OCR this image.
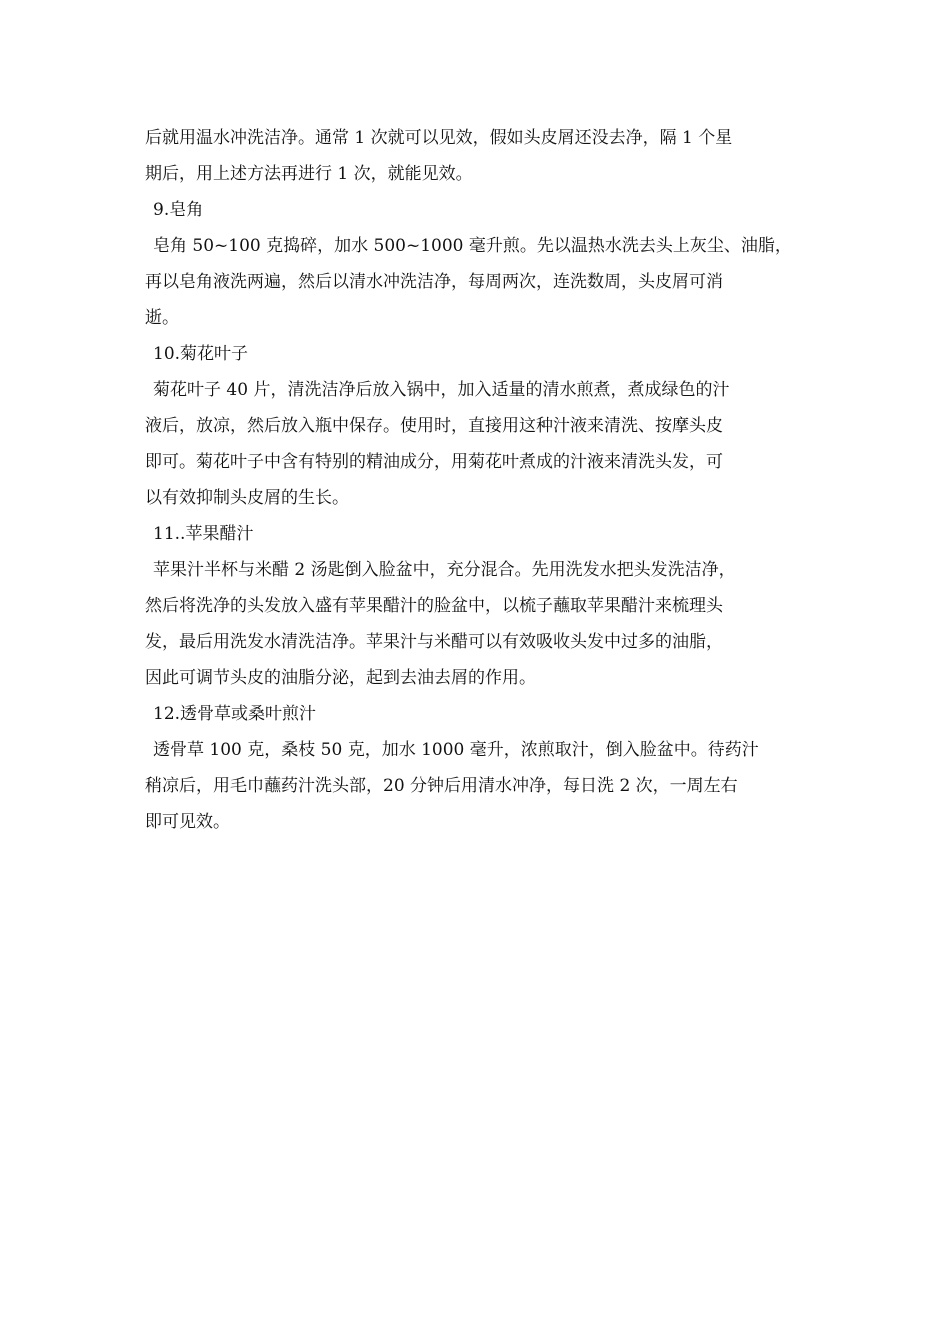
后就用温水冲洗洁净。通常 1 次就可以见效，假如头皮屑还没去净，隔 1 个星
期后，用上述方法再进行 1 次，就能见效。
9.皂角
皂角 50~100 克捣碎，加水 500~1000 毫升煎。先以温热水洗去头上灰尘、油脂，
再以皂角液洗两遍，然后以清水冲洗洁净，每周两次，连洗数周，头皮屑可消
逝。
10.菊花叶子
菊花叶子 40 片，清洗洁净后放入锅中，加入适量的清水煎煮，煮成绿色的汁
液后，放凉，然后放入瓶中保存。使用时，直接用这种汁液来清洗、按摩头皮
即可。菊花叶子中含有特别的精油成分，用菊花叶煮成的汁液来清洗头发，可
以有效抑制头皮屑的生长。
11..苹果醋汁
苹果汁半杯与米醋 2 汤匙倒入脸盆中，充分混合。先用洗发水把头发洗洁净，
然后将洗净的头发放入盛有苹果醋汁的脸盆中，以梳子蘸取苹果醋汁来梳理头
发，最后用洗发水清洗洁净。苹果汁与米醋可以有效吸收头发中过多的油脂，
因此可调节头皮的油脂分泌，起到去油去屑的作用。
12.透骨草或桑叶煎汁
透骨草 100 克，桑枝 50 克，加水 1000 毫升，浓煎取汁，倒入脸盆中。待药汁
稍凉后，用毛巾蘸药汁洗头部，20 分钟后用清水冲净，每日洗 2 次，一周左右
即可见效。
